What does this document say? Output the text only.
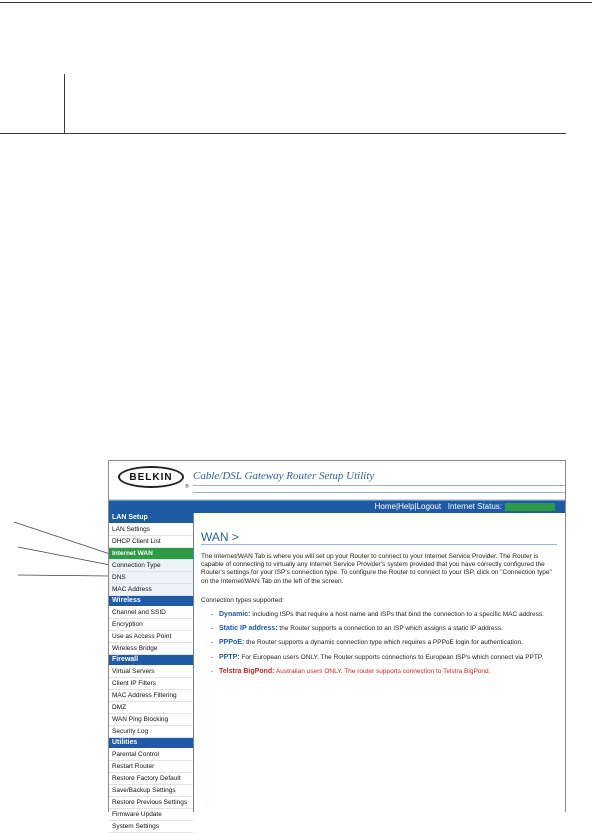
BELKIN
®
Cable/DSL Gateway Router Setup Utility
Home|Help|Logout Internet Status:
LAN Setup
LAN Settings
DHCP Client List
Internet WAN
Connection Type
DNS
MAC Address
Wireless
Channel and SSID
Encryption
Use as Access Point
Wireless Bridge
Firewall
Virtual Servers
Client IP Filters
MAC Address Filtering
DMZ
WAN Ping Blocking
Security Log
Utilities
Parental Control
Restart Router
Restore Factory Default
Save/Backup Settings
Restore Previous Settings
Firmware Update
System Settings
WAN >
The Internet/WAN Tab is where you will set up your Router to connect to your Internet Service Provider. The Router is capable of connecting to virtually any Internet Service Provider's system provided that you have correctly configured the Router's settings for your ISP's connection type. To configure the Router to connect to your ISP, click on "Connection type" on the Internet/WAN Tab on the left of the screen.
Connection types supported:
- Dynamic: including ISPs that require a host name and ISPs that bind the connection to a specific MAC address.
- Static IP address: the Router supports a connection to an ISP which assigns a static IP address.
- PPPoE: the Router supports a dynamic connection type which requires a PPPoE login for authentication.
- PPTP: For European users ONLY. The Router supports connections to European ISP's which connect via PPTP.
- Telstra BigPond: Australian users ONLY. The router supports connection to Telstra BigPond.
